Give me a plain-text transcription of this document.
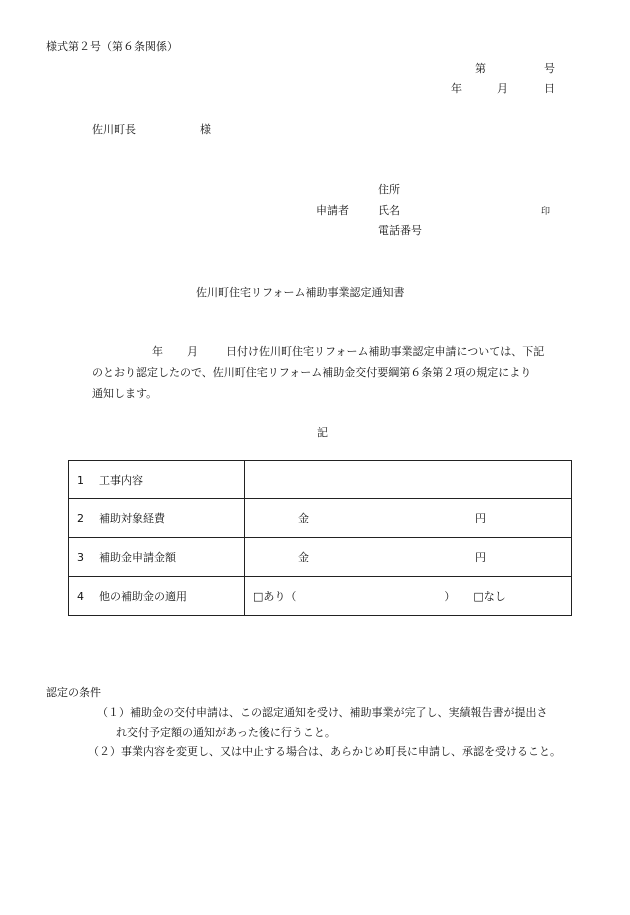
様式第２号（第６条関係）
第	号
年	月	日
佐川町長	様
住所
申請者	氏名	印
電話番号
佐川町住宅リフォーム補助事業認定通知書
年 月	日付け佐川町住宅リフォーム補助事業認定申請については、下記
のとおり認定したので、佐川町住宅リフォーム補助金交付要綱第６条第２項の規定により
通知します。
記
1 工事内容	
2 補助対象経費	金 円

3 補助金申請金額	金 円

4 他の補助金の適用	□あり（ ） □なし
認定の条件
（１）補助金の交付申請は、この認定通知を受け、補助事業が完了し、実績報告書が提出さ
れ交付予定額の通知があった後に行うこと。
（２）事業内容を変更し、又は中止する場合は、あらかじめ町長に申請し、承認を受けること。
